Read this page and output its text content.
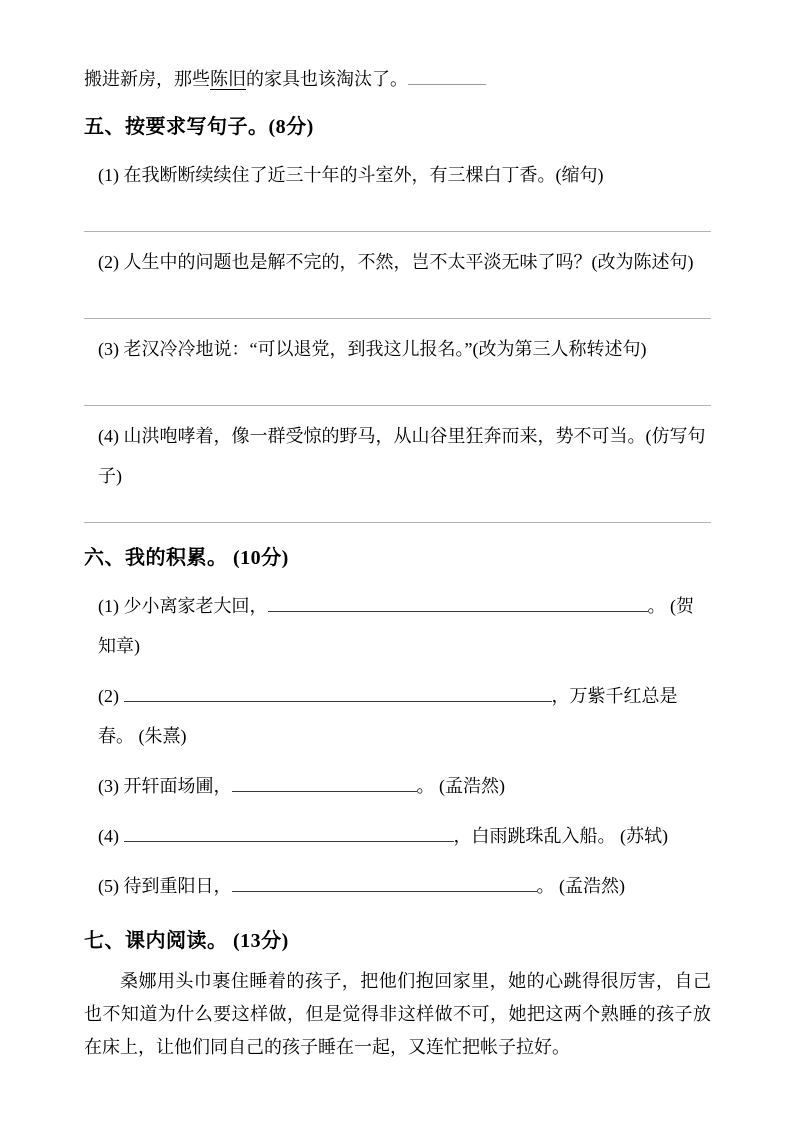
搬进新房，那些陈旧的家具也该淘汰了。

五、按要求写句子。(8分)

(1) 在我断断续续住了近三十年的斗室外，有三棵白丁香。(缩句)

(2) 人生中的问题也是解不完的，不然，岂不太平淡无味了吗？(改为陈述句)

(3) 老汉冷冷地说：“可以退党，到我这儿报名。”(改为第三人称转述句)

(4) 山洪咆哮着，像一群受惊的野马，从山谷里狂奔而来，势不可当。(仿写句子)

六、我的积累。 (10分)

(1) 少小离家老大回，	。 (贺知章)

(2)	，万紫千红总是春。 (朱熹)

(3) 开轩面场圃，	。 (孟浩然)

(4)	，白雨跳珠乱入船。 (苏轼)

(5) 待到重阳日，	。 (孟浩然)

七、课内阅读。 (13分)

桑娜用头巾裹住睡着的孩子，把他们抱回家里，她的心跳得很厉害，自己也不知道为什么要这样做，但是觉得非这样做不可，她把这两个熟睡的孩子放在床上，让他们同自己的孩子睡在一起，又连忙把帐子拉好。
